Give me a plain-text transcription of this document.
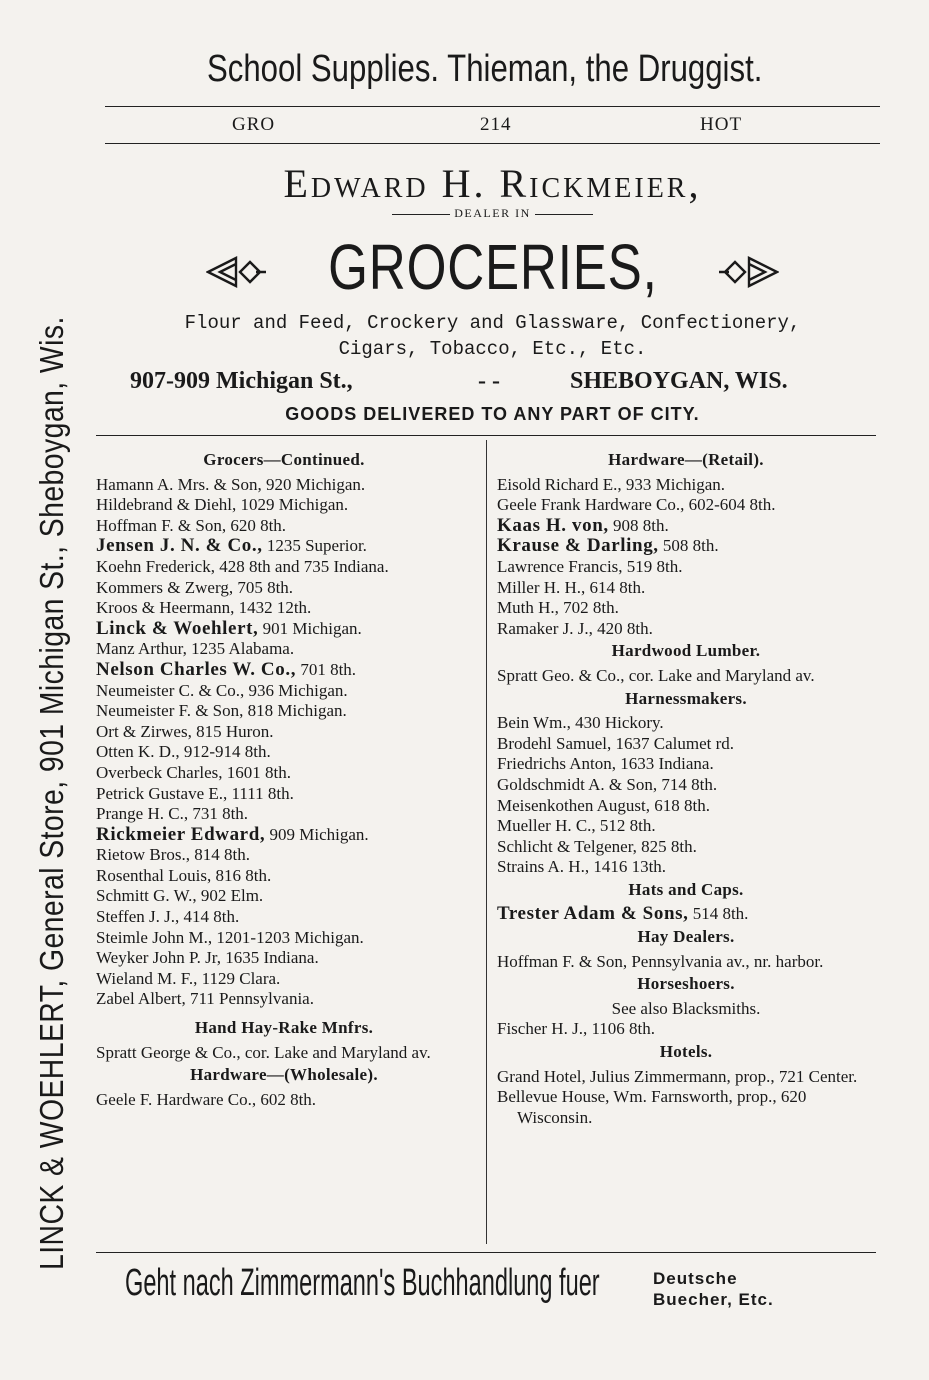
LINCK & WOEHLERT, General Store, 901 Michigan St., Sheboygan, Wis.
School Supplies. Thieman, the Druggist.
GRO	214	HOT
Edward H. Rickmeier,
DEALER IN
GROCERIES,
Flour and Feed, Crockery and Glassware, Confectionery,
Cigars, Tobacco, Etc., Etc.
907-909 Michigan St.,	- -	SHEBOYGAN, WIS.
GOODS DELIVERED TO ANY PART OF CITY.
Grocers—Continued.
Hamann A. Mrs. & Son, 920 Michigan.
Hildebrand & Diehl, 1029 Michigan.
Hoffman F. & Son, 620 8th.
Jensen J. N. & Co., 1235 Superior.
Koehn Frederick, 428 8th and 735 Indiana.
Kommers & Zwerg, 705 8th.
Kroos & Heermann, 1432 12th.
Linck & Woehlert, 901 Michigan.
Manz Arthur, 1235 Alabama.
Nelson Charles W. Co., 701 8th.
Neumeister C. & Co., 936 Michigan.
Neumeister F. & Son, 818 Michigan.
Ort & Zirwes, 815 Huron.
Otten K. D., 912-914 8th.
Overbeck Charles, 1601 8th.
Petrick Gustave E., 1111 8th.
Prange H. C., 731 8th.
Rickmeier Edward, 909 Michigan.
Rietow Bros., 814 8th.
Rosenthal Louis, 816 8th.
Schmitt G. W., 902 Elm.
Steffen J. J., 414 8th.
Steimle John M., 1201-1203 Michigan.
Weyker John P. Jr, 1635 Indiana.
Wieland M. F., 1129 Clara.
Zabel Albert, 711 Pennsylvania.
Hand Hay-Rake Mnfrs.
Spratt George & Co., cor. Lake and Maryland av.
Hardware—(Wholesale).
Geele F. Hardware Co., 602 8th.
Hardware—(Retail).
Eisold Richard E., 933 Michigan.
Geele Frank Hardware Co., 602-604 8th.
Kaas H. von, 908 8th.
Krause & Darling, 508 8th.
Lawrence Francis, 519 8th.
Miller H. H., 614 8th.
Muth H., 702 8th.
Ramaker J. J., 420 8th.
Hardwood Lumber.
Spratt Geo. & Co., cor. Lake and Maryland av.
Harnessmakers.
Bein Wm., 430 Hickory.
Brodehl Samuel, 1637 Calumet rd.
Friedrichs Anton, 1633 Indiana.
Goldschmidt A. & Son, 714 8th.
Meisenkothen August, 618 8th.
Mueller H. C., 512 8th.
Schlicht & Telgener, 825 8th.
Strains A. H., 1416 13th.
Hats and Caps.
Trester Adam & Sons, 514 8th.
Hay Dealers.
Hoffman F. & Son, Pennsylvania av., nr. harbor.
Horseshoers.
See also Blacksmiths.
Fischer H. J., 1106 8th.
Hotels.
Grand Hotel, Julius Zimmermann, prop., 721 Center.
Bellevue House, Wm. Farnsworth, prop., 620 Wisconsin.
Geht nach Zimmermann's Buchhandlung fuer	Deutsche
Buecher, Etc.
